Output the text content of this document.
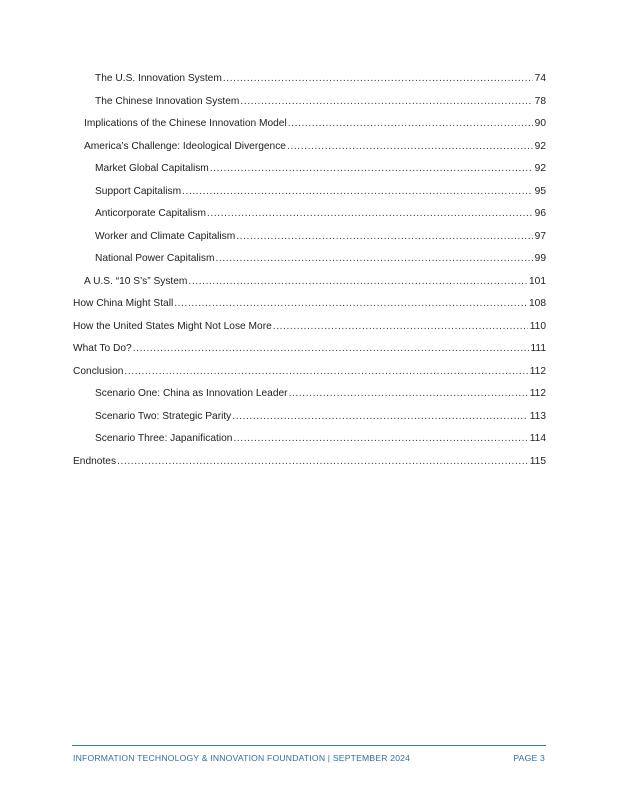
The U.S. Innovation System .....	74
The Chinese Innovation System .....	78
Implications of the Chinese Innovation Model .....	90
America’s Challenge: Ideological Divergence .....	92
Market Global Capitalism .....	92
Support Capitalism .....	95
Anticorporate Capitalism .....	96
Worker and Climate Capitalism .....	97
National Power Capitalism .....	99
A U.S. “10 S’s” System .....	101
How China Might Stall .....	108
How the United States Might Not Lose More .....	110
What To Do? .....	111
Conclusion .....	112
Scenario One: China as Innovation Leader .....	112
Scenario Two: Strategic Parity .....	113
Scenario Three: Japanification .....	114
Endnotes .....	115
INFORMATION TECHNOLOGY & INNOVATION FOUNDATION | SEPTEMBER 2024	PAGE 3
